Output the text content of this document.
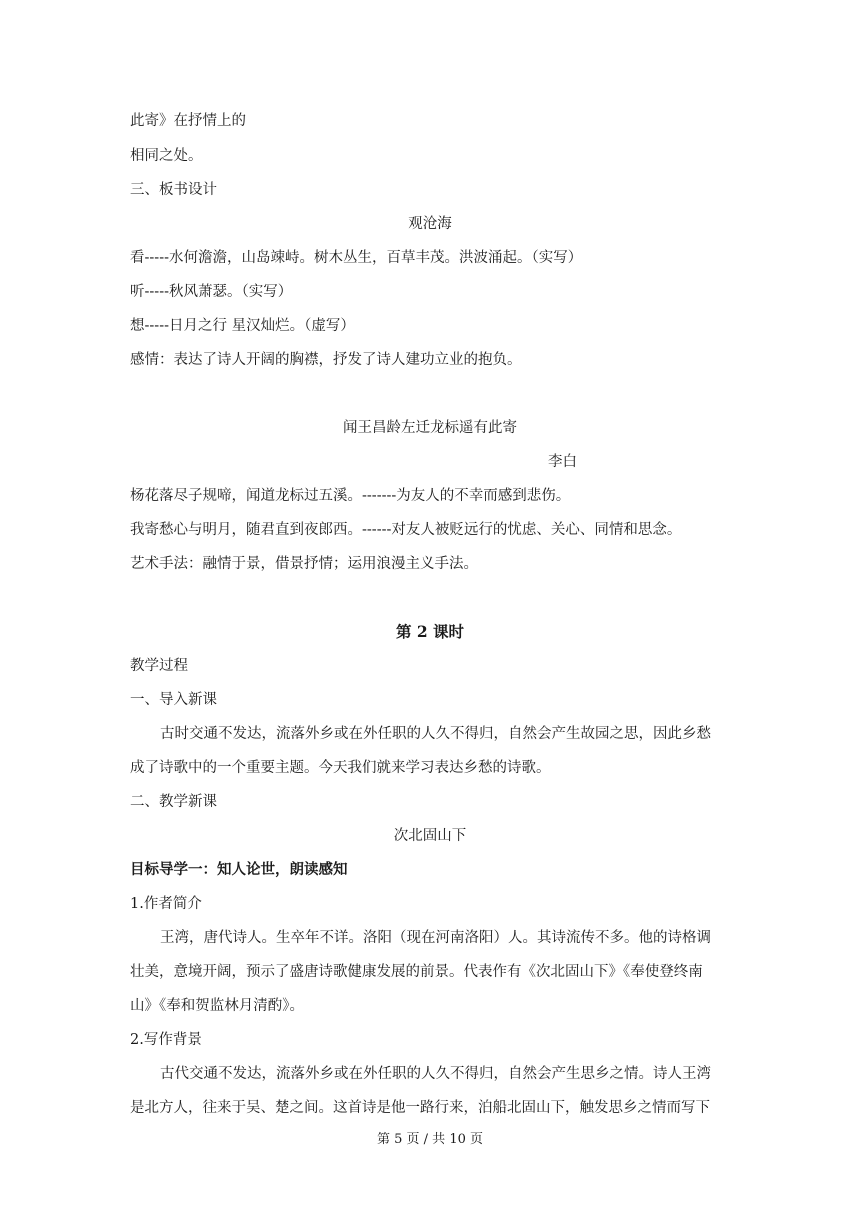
此寄》在抒情上的
相同之处。
三、板书设计
观沧海
看-----水何澹澹，山岛竦峙。树木丛生，百草丰茂。洪波涌起。（实写）
听-----秋风萧瑟。（实写）
想-----日月之行 星汉灿烂。（虚写）
感情：表达了诗人开阔的胸襟，抒发了诗人建功立业的抱负。
闻王昌龄左迁龙标遥有此寄
李白
杨花落尽子规啼，闻道龙标过五溪。-------为友人的不幸而感到悲伤。
我寄愁心与明月，随君直到夜郎西。------对友人被贬远行的忧虑、关心、同情和思念。
艺术手法：融情于景，借景抒情；运用浪漫主义手法。
第 2 课时
教学过程
一、导入新课
古时交通不发达，流落外乡或在外任职的人久不得归，自然会产生故园之思，因此乡愁
成了诗歌中的一个重要主题。今天我们就来学习表达乡愁的诗歌。
二、教学新课
次北固山下
目标导学一：知人论世，朗读感知
1.作者简介
王湾，唐代诗人。生卒年不详。洛阳（现在河南洛阳）人。其诗流传不多。他的诗格调
壮美，意境开阔，预示了盛唐诗歌健康发展的前景。代表作有《次北固山下》《奉使登终南
山》《奉和贺监林月清酌》。
2.写作背景
古代交通不发达，流落外乡或在外任职的人久不得归，自然会产生思乡之情。诗人王湾
是北方人，往来于吴、楚之间。这首诗是他一路行来，泊船北固山下，触发思乡之情而写下
第 5 页 / 共 10 页
